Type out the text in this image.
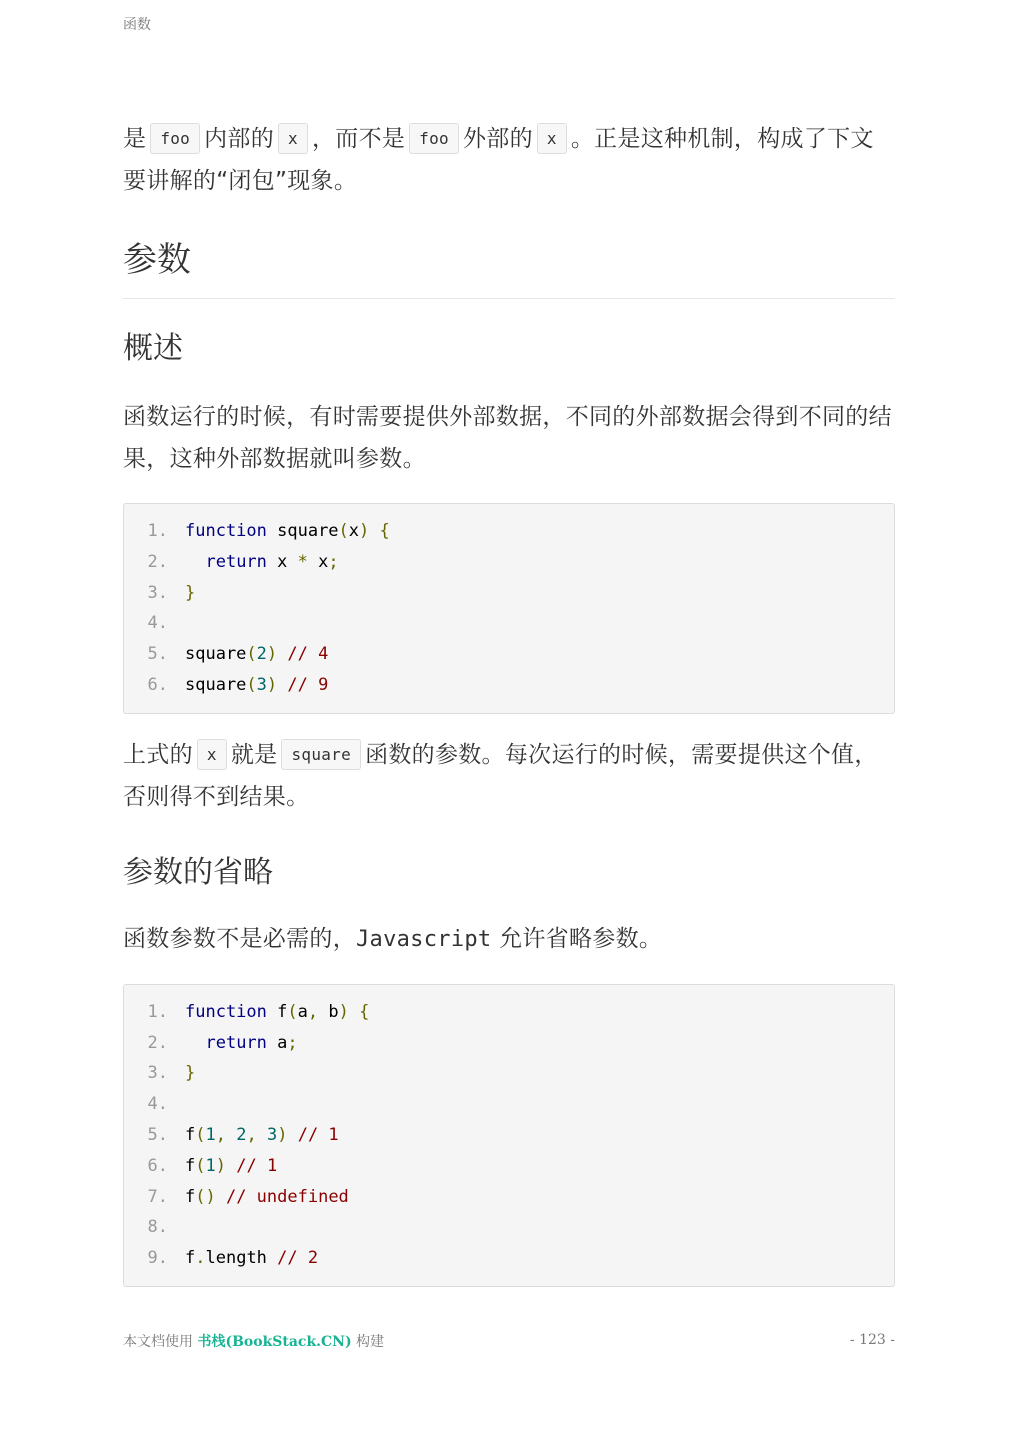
函数

是 foo 内部的 x ，而不是 foo 外部的 x 。正是这种机制，构成了下文要讲解的“闭包”现象。

参数
概述

函数运行的时候，有时需要提供外部数据，不同的外部数据会得到不同的结果，这种外部数据就叫参数。

1.	function square(x) {
2.	return x * x;
3.	}
4.
5.	square(2) // 4
6.	square(3) // 9

上式的 x 就是 square 函数的参数。每次运行的时候，需要提供这个值，否则得不到结果。

参数的省略

函数参数不是必需的，Javascript 允许省略参数。

1.	function f(a, b) {
2.	return a;
3.	}
4.
5.	f(1, 2, 3) // 1
6.	f(1) // 1
7.	f() // undefined
8.
9.	f.length // 2
本文档使用 书栈(BookStack.CN) 构建	- 123 -
